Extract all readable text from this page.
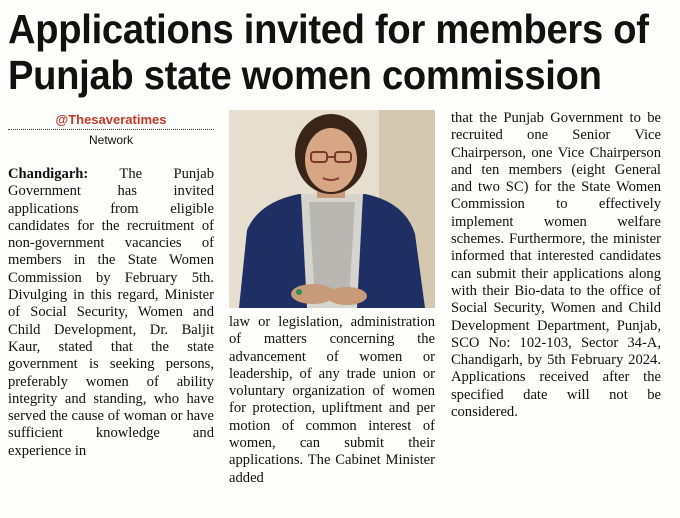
Applications invited for members of
Punjab state women commission
@Thesaveratimes
Network

Chandigarh: The Punjab Government has invited applications from eligible candidates for the recruitment of non-government vacancies of members in the State Women Commission by February 5th. Divulging in this regard, Minister of Social Security, Women and Child Development, Dr. Baljit Kaur, stated that the state government is seeking persons, preferably women of ability integrity and standing, who have served the cause of woman or have sufficient knowledge and experience in

law or legislation, administration of matters concerning the advancement of women or leadership, of any trade union or voluntary organization of women for protection, upliftment and per motion of common interest of women, can submit their applications. The Cabinet Minister added

that the Punjab Government to be recruited one Senior Vice Chairperson, one Vice Chairperson and ten members (eight General and two SC) for the State Women Commission to effectively implement women welfare schemes. Furthermore, the minister informed that interested candidates can submit their applications along with their Bio-data to the office of Social Security, Women and Child Development Department, Punjab, SCO No: 102-103, Sector 34-A, Chandigarh, by 5th February 2024. Applications received after the specified date will not be considered.
